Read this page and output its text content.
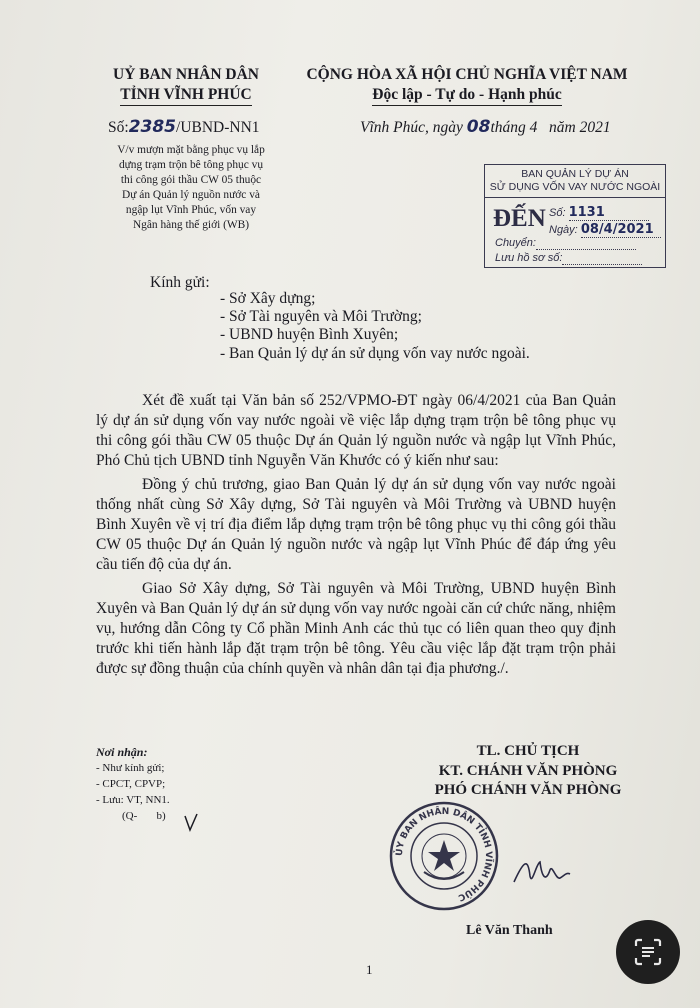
UỶ BAN NHÂN DÂN
TỈNH VĨNH PHÚC
CỘNG HÒA XÃ HỘI CHỦ NGHĨA VIỆT NAM
Độc lập - Tự do - Hạnh phúc
Số:2385/UBND-NN1	Vĩnh Phúc, ngày 08tháng 4 năm 2021
V/v mượn mặt bằng phục vụ lắp
dựng trạm trộn bê tông phục vụ
thi công gói thầu CW 05 thuộc
Dự án Quản lý nguồn nước và
ngập lụt Vĩnh Phúc, vốn vay
Ngân hàng thế giới (WB)
BAN QUẢN LÝ DỰ ÁN
SỬ DỤNG VỐN VAY NƯỚC NGOÀI
ĐẾN Số: 1131
Ngày: 08/4/2021
Chuyển:
Lưu hồ sơ số:
Kính gửi:
- Sở Xây dựng;
- Sở Tài nguyên và Môi Trường;
- UBND huyện Bình Xuyên;
- Ban Quản lý dự án sử dụng vốn vay nước ngoài.

Xét đề xuất tại Văn bản số 252/VPMO-ĐT ngày 06/4/2021 của Ban Quản lý dự án sử dụng vốn vay nước ngoài về việc lắp dựng trạm trộn bê tông phục vụ thi công gói thầu CW 05 thuộc Dự án Quản lý nguồn nước và ngập lụt Vĩnh Phúc, Phó Chủ tịch UBND tỉnh Nguyễn Văn Khước có ý kiến như sau:

Đồng ý chủ trương, giao Ban Quản lý dự án sử dụng vốn vay nước ngoài thống nhất cùng Sở Xây dựng, Sở Tài nguyên và Môi Trường và UBND huyện Bình Xuyên về vị trí địa điểm lắp dựng trạm trộn bê tông phục vụ thi công gói thầu CW 05 thuộc Dự án Quản lý nguồn nước và ngập lụt Vĩnh Phúc để đáp ứng yêu cầu tiến độ của dự án.

Giao Sở Xây dựng, Sở Tài nguyên và Môi Trường, UBND huyện Bình Xuyên và Ban Quản lý dự án sử dụng vốn vay nước ngoài căn cứ chức năng, nhiệm vụ, hướng dẫn Công ty Cổ phần Minh Anh các thủ tục có liên quan theo quy định trước khi tiến hành lắp đặt trạm trộn bê tông. Yêu cầu việc lắp đặt trạm trộn phải được sự đồng thuận của chính quyền và nhân dân tại địa phương./.

Nơi nhận:
- Như kính gửi;
- CPCT, CPVP;
- Lưu: VT, NN1.
(Q- b)
TL. CHỦ TỊCH
KT. CHÁNH VĂN PHÒNG
PHÓ CHÁNH VĂN PHÒNG
ỦY BAN NHÂN DÂN TỈNH VĨNH PHÚC
Lê Văn Thanh
1
